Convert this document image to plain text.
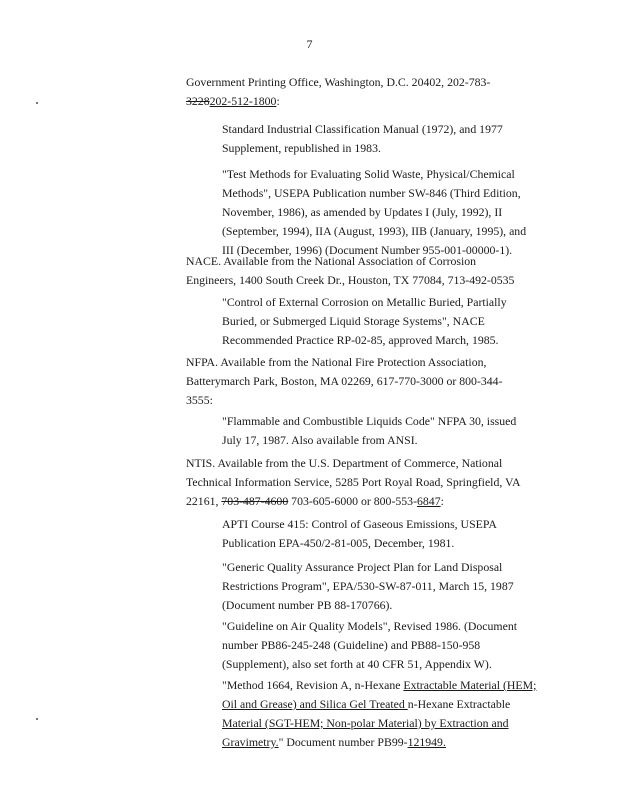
7
Government Printing Office, Washington, D.C. 20402, 202-783-
3228202-512-1800:
Standard Industrial Classification Manual (1972), and 1977
Supplement, republished in 1983.
"Test Methods for Evaluating Solid Waste, Physical/Chemical
Methods", USEPA Publication number SW-846 (Third Edition,
November, 1986), as amended by Updates I (July, 1992), II
(September, 1994), IIA (August, 1993), IIB (January, 1995), and
III (December, 1996) (Document Number 955-001-00000-1).
NACE. Available from the National Association of Corrosion
Engineers, 1400 South Creek Dr., Houston, TX 77084, 713-492-0535
"Control of External Corrosion on Metallic Buried, Partially
Buried, or Submerged Liquid Storage Systems", NACE
Recommended Practice RP-02-85, approved March, 1985.
NFPA. Available from the National Fire Protection Association,
Batterymarch Park, Boston, MA 02269, 617-770-3000 or 800-344-
3555:
"Flammable and Combustible Liquids Code" NFPA 30, issued
July 17, 1987. Also available from ANSI.
NTIS. Available from the U.S. Department of Commerce, National
Technical Information Service, 5285 Port Royal Road, Springfield, VA
22161, 703-487-4600 703-605-6000 or 800-553-6847:
APTI Course 415: Control of Gaseous Emissions, USEPA
Publication EPA-450/2-81-005, December, 1981.
"Generic Quality Assurance Project Plan for Land Disposal
Restrictions Program", EPA/530-SW-87-011, March 15, 1987
(Document number PB 88-170766).
"Guideline on Air Quality Models", Revised 1986. (Document
number PB86-245-248 (Guideline) and PB88-150-958
(Supplement), also set forth at 40 CFR 51, Appendix W).
"Method 1664, Revision A, n-Hexane Extractable Material (HEM;
Oil and Grease) and Silica Gel Treated n-Hexane Extractable
Material (SGT-HEM; Non-polar Material) by Extraction and
Gravimetry." Document number PB99-121949.
